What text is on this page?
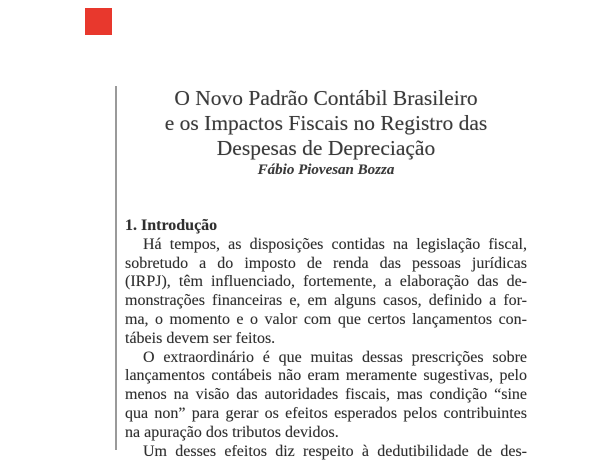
O Novo Padrão Contábil Brasileiro
e os Impactos Fiscais no Registro das
Despesas de Depreciação
Fábio Piovesan Bozza
1. Introdução
Há tempos, as disposições contidas na legislação fiscal,
sobretudo a do imposto de renda das pessoas jurídicas
(IRPJ), têm influenciado, fortemente, a elaboração das de-
monstrações financeiras e, em alguns casos, definido a for-
ma, o momento e o valor com que certos lançamentos con-
tábeis devem ser feitos.
O extraordinário é que muitas dessas prescrições sobre
lançamentos contábeis não eram meramente sugestivas, pelo
menos na visão das autoridades fiscais, mas condição “sine
qua non” para gerar os efeitos esperados pelos contribuintes
na apuração dos tributos devidos.
Um desses efeitos diz respeito à dedutibilidade de des-
